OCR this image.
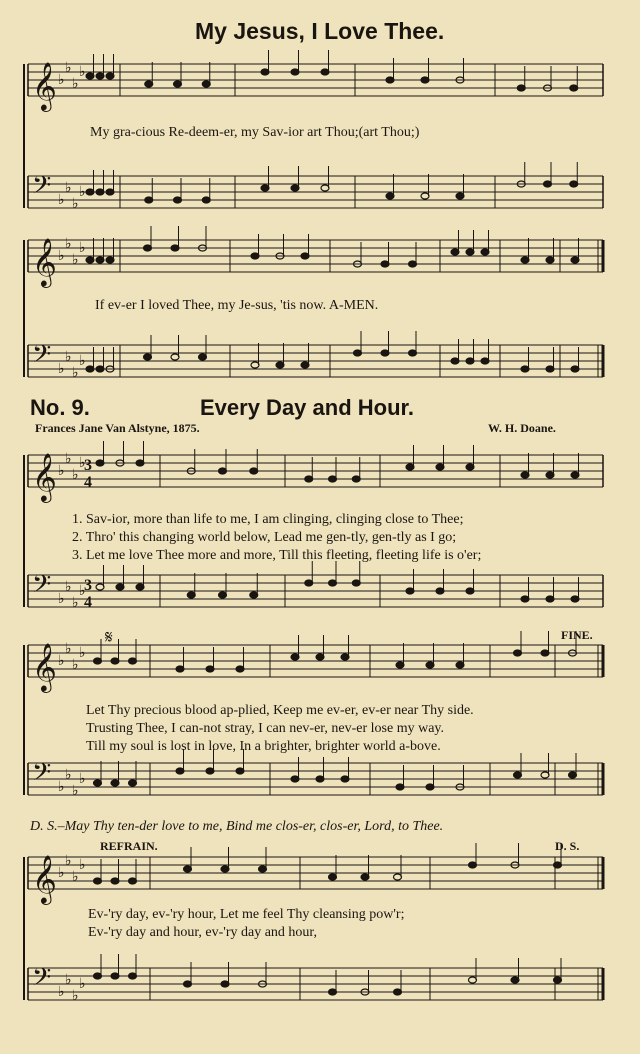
𝄞 ♭
♭
♭
♭
𝄢 ♭
♭
♭
♭
𝄞 ♭
♭
♭
♭
𝄢 ♭
♭
♭
♭
𝄞 ♭
♭
♭
♭
𝄢 ♭
♭
♭
♭
3
4
3
4
𝄞 ♭
♭
♭
♭
𝄢 ♭
♭
♭
♭
𝄋
𝄞 ♭
♭
♭
♭
𝄢 ♭
♭
♭
♭
My Jesus, I Love Thee.
My gra-cious Re-deem-er, my Sav-ior art Thou;(art Thou;)
If ev-er I loved Thee, my Je-sus, 'tis now. A-MEN.
No. 9.	Every Day and Hour.
Frances Jane Van Alstyne, 1875.	W. H. Doane.
1. Sav-ior, more than life to me, I am clinging, clinging close to Thee;
2. Thro' this changing world below, Lead me gen-tly, gen-tly as I go;
3. Let me love Thee more and more, Till this fleeting, fleeting life is o'er;
FINE.
Let Thy precious blood ap-plied, Keep me ev-er, ev-er near Thy side.
Trusting Thee, I can-not stray, I can nev-er, nev-er lose my way.
Till my soul is lost in love, In a brighter, brighter world a-bove.
D. S.–May Thy ten-der love to me, Bind me clos-er, clos-er, Lord, to Thee.
REFRAIN.	D. S.
Ev-'ry day, ev-'ry hour, Let me feel Thy cleansing pow'r;
Ev-'ry day and hour, ev-'ry day and hour,
